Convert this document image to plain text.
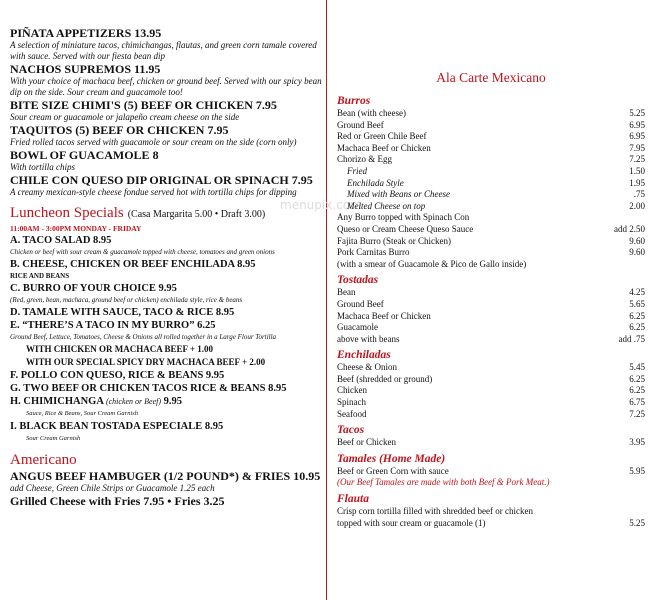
menupix.com
PIÑATA APPETIZERS 13.95
A selection of miniature tacos, chimichangas, flautas, and green corn tamale covered with sauce. Served with our fiesta bean dip
NACHOS SUPREMOS 11.95
With your choice of machaca beef, chicken or ground beef. Served with our spicy bean dip on the side. Sour cream and guacamole too!
BITE SIZE CHIMI'S (5) BEEF OR CHICKEN 7.95
Sour cream or guacamole or jalapeño cream cheese on the side
TAQUITOS (5) BEEF OR CHICKEN 7.95
Fried rolled tacos served with guacamole or sour cream on the side (corn only)
BOWL OF GUACAMOLE 8
With tortilla chips
CHILE CON QUESO DIP ORIGINAL OR SPINACH 7.95
A creamy mexican-style cheese fondue served hot with tortilla chips for dipping
Luncheon Specials (Casa Margarita 5.00 • Draft 3.00)
11:00AM - 3:00PM MONDAY - FRIDAY
A. TACO SALAD 8.95
Chicken or beef with sour cream & guacamole topped with cheese, tomatoes and green onions
B. CHEESE, CHICKEN OR BEEF ENCHILADA 8.95
RICE AND BEANS
C. BURRO OF YOUR CHOICE 9.95
(Red, green, bean, machaca, ground beef or chicken) enchilada style, rice & beans
D. TAMALE WITH SAUCE, TACO & RICE 8.95
E. “THERE’S A TACO IN MY BURRO” 6.25
Ground Beef, Lettuce, Tomatoes, Cheese & Onions all rolled together in a Large Flour Tortilla
WITH CHICKEN OR MACHACA BEEF + 1.00
WITH OUR SPECIAL SPICY DRY MACHACA BEEF + 2.00
F. POLLO CON QUESO, RICE & BEANS 9.95
G. TWO BEEF OR CHICKEN TACOS RICE & BEANS 8.95
H. CHIMICHANGA (chicken or Beef) 9.95
Sauce, Rice & Beans, Sour Cream Garnish
I. BLACK BEAN TOSTADA ESPECIALE 8.95
Sour Cream Garnish
Americano
ANGUS BEEF HAMBUGER (1/2 POUND*) & FRIES 10.95
add Cheese, Green Chile Strips or Guacamole 1.25 each
Grilled Cheese with Fries 7.95 • Fries 3.25
Ala Carte Mexicano
Burros
Bean (with cheese)	5.25
Ground Beef	6.95
Red or Green Chile Beef	6.95
Machaca Beef or Chicken	7.95
Chorizo & Egg	7.25
Fried	1.50
Enchilada Style	1.95
Mixed with Beans or Cheese	.75
Melted Cheese on top	2.00
Any Burro topped with Spinach Con
Queso or Cream Cheese Queso Sauce	add 2.50
Fajita Burro (Steak or Chicken)	9.60
Pork Carnitas Burro	9.60
(with a smear of Guacamole & Pico de Gallo inside)
Tostadas
Bean	4.25
Ground Beef	5.65
Machaca Beef or Chicken	6.25
Guacamole	6.25
above with beans	add .75
Enchiladas
Cheese & Onion	5.45
Beef (shredded or ground)	6.25
Chicken	6.25
Spinach	6.75
Seafood	7.25
Tacos
Beef or Chicken	3.95
Tamales (Home Made)
Beef or Green Corn with sauce	5.95
(Our Beef Tamales are made with both Beef & Pork Meat.)
Flauta
Crisp corn tortilla filled with shredded beef or chicken
topped with sour cream or guacamole (1)	5.25
